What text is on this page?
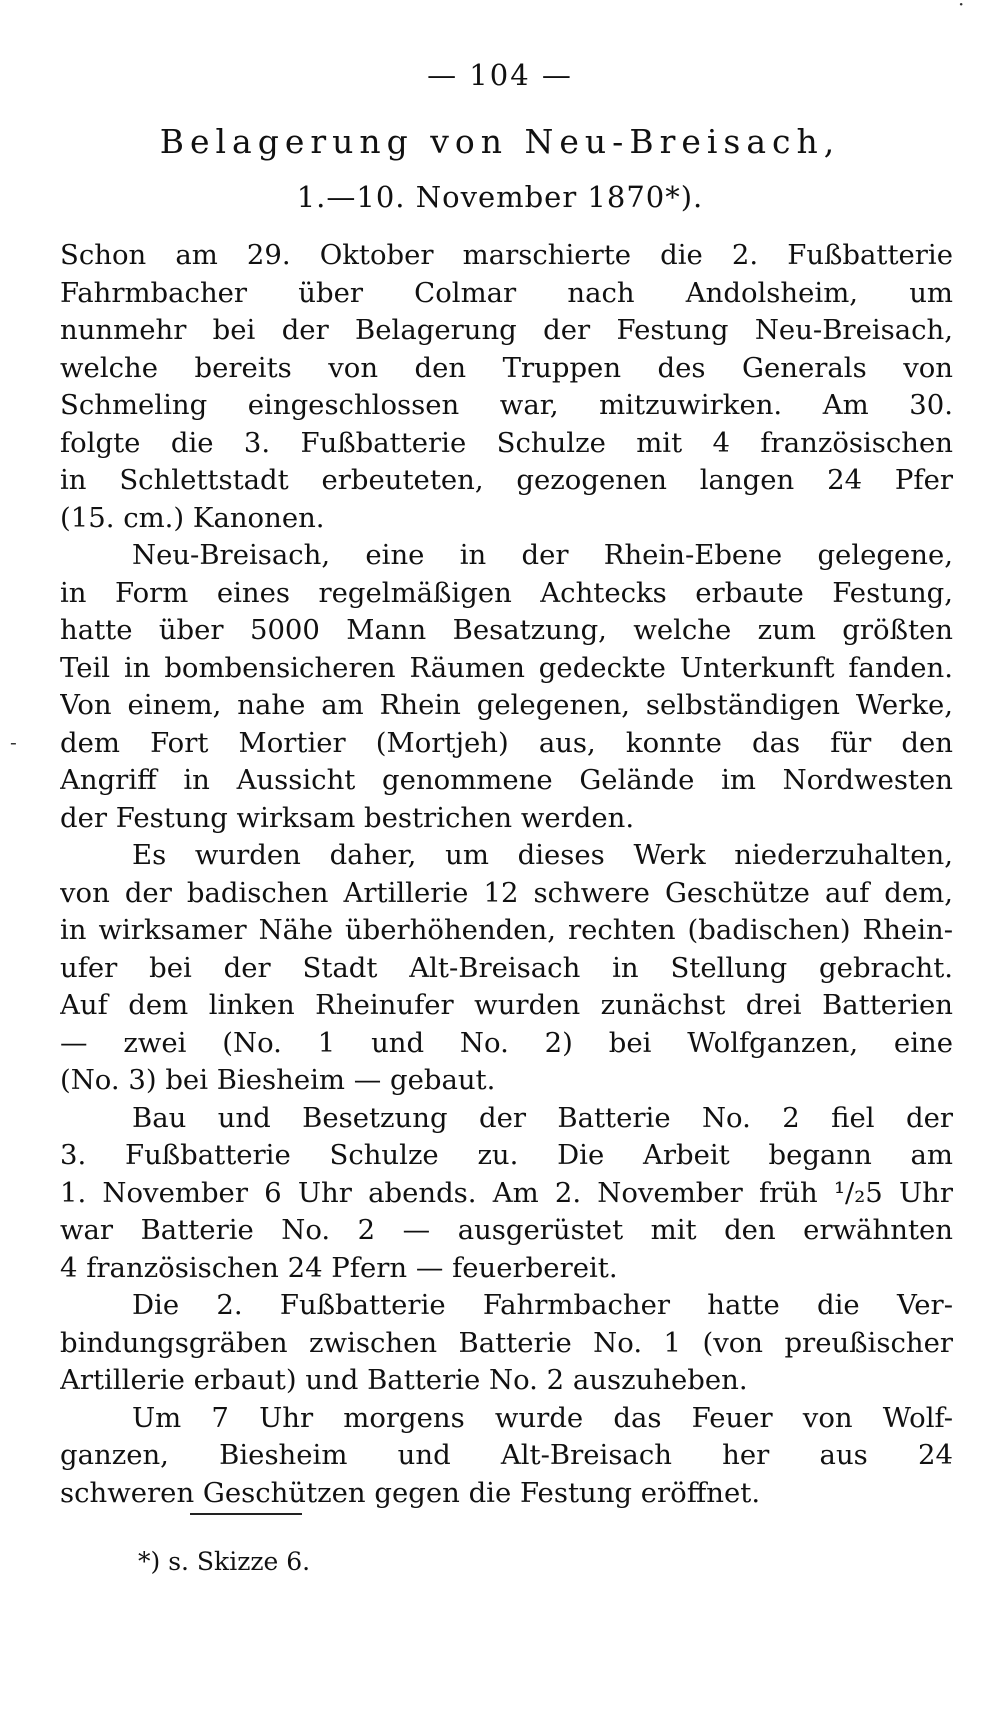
·
-
— 104 —
Belagerung von Neu-Breisach,
1.—10. November 1870*).
Schon am 29. Oktober marschierte die 2. Fußbatterie
Fahrmbacher über Colmar nach Andolsheim, um
nunmehr bei der Belagerung der Festung Neu-Breisach,
welche bereits von den Truppen des Generals von
Schmeling eingeschlossen war, mitzuwirken. Am 30.
folgte die 3. Fußbatterie Schulze mit 4 französischen
in Schlettstadt erbeuteten, gezogenen langen 24 Pfer
(15. cm.) Kanonen.
Neu-Breisach, eine in der Rhein-Ebene gelegene,
in Form eines regelmäßigen Achtecks erbaute Festung,
hatte über 5000 Mann Besatzung, welche zum größten
Teil in bombensicheren Räumen gedeckte Unterkunft fanden.
Von einem, nahe am Rhein gelegenen, selbständigen Werke,
dem Fort Mortier (Mortjeh) aus, konnte das für den
Angriff in Aussicht genommene Gelände im Nordwesten
der Festung wirksam bestrichen werden.
Es wurden daher, um dieses Werk niederzuhalten,
von der badischen Artillerie 12 schwere Geschütze auf dem,
in wirksamer Nähe überhöhenden, rechten (badischen) Rhein-
ufer bei der Stadt Alt-Breisach in Stellung gebracht.
Auf dem linken Rheinufer wurden zunächst drei Batterien
— zwei (No. 1 und No. 2) bei Wolfganzen, eine
(No. 3) bei Biesheim — gebaut.
Bau und Besetzung der Batterie No. 2 fiel der
3. Fußbatterie Schulze zu. Die Arbeit begann am
1. November 6 Uhr abends. Am 2. November früh ¹/₂5 Uhr
war Batterie No. 2 — ausgerüstet mit den erwähnten
4 französischen 24 Pfern — feuerbereit.
Die 2. Fußbatterie Fahrmbacher hatte die Ver-
bindungsgräben zwischen Batterie No. 1 (von preußischer
Artillerie erbaut) und Batterie No. 2 auszuheben.
Um 7 Uhr morgens wurde das Feuer von Wolf-
ganzen, Biesheim und Alt-Breisach her aus 24
schweren Geschützen gegen die Festung eröffnet.
*) s. Skizze 6.
